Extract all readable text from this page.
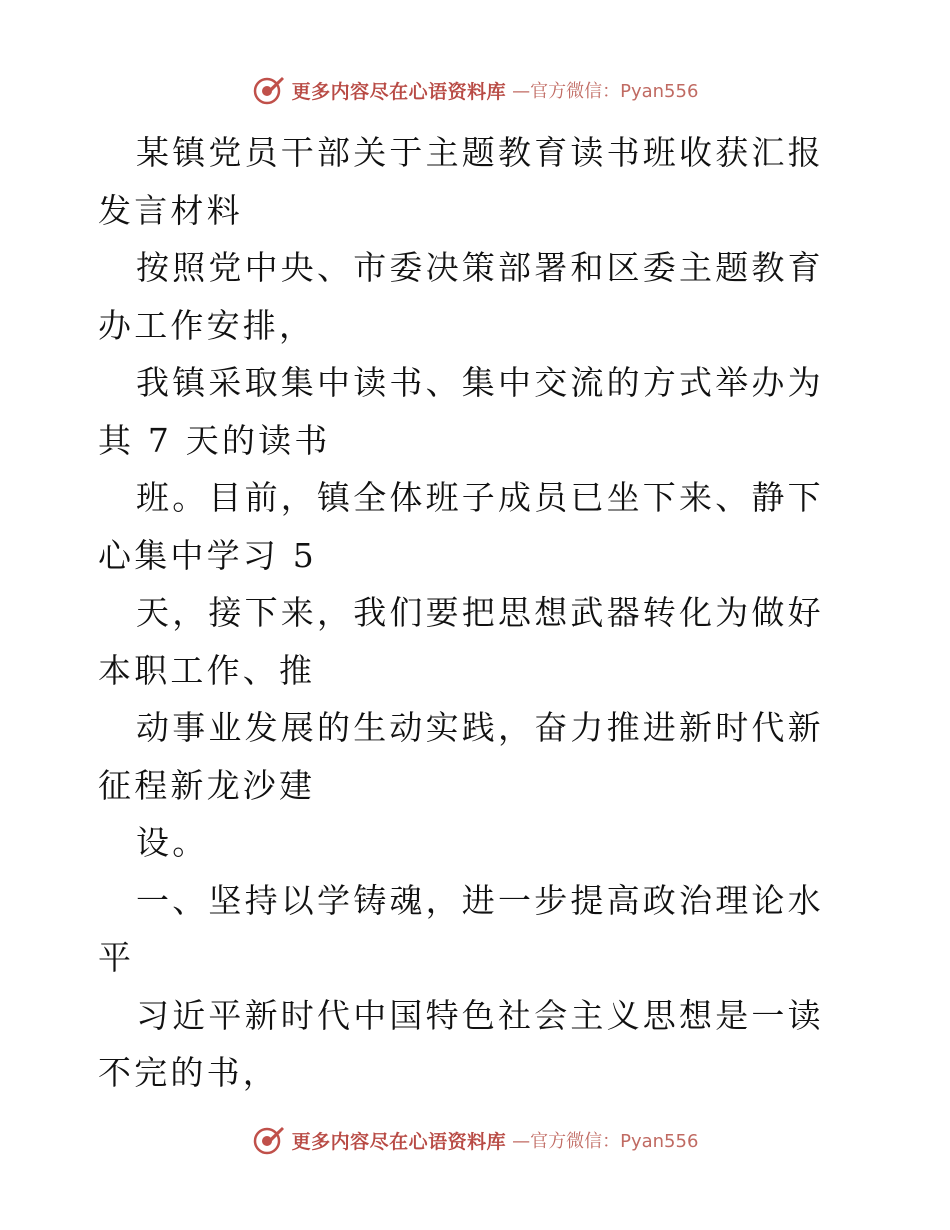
更多内容尽在心语资料库 —官方微信：Pyan556

某镇党员干部关于主题教育读书班收获汇报发言材料

按照党中央、市委决策部署和区委主题教育办工作安排，

我镇采取集中读书、集中交流的方式举办为其 7 天的读书

班。目前，镇全体班子成员已坐下来、静下心集中学习 5

天，接下来，我们要把思想武器转化为做好本职工作、推

动事业发展的生动实践，奋力推进新时代新征程新龙沙建

设。

一、坚持以学铸魂，进一步提高政治理论水平

习近平新时代中国特色社会主义思想是一读不完的书，

更多内容尽在心语资料库 —官方微信：Pyan556
